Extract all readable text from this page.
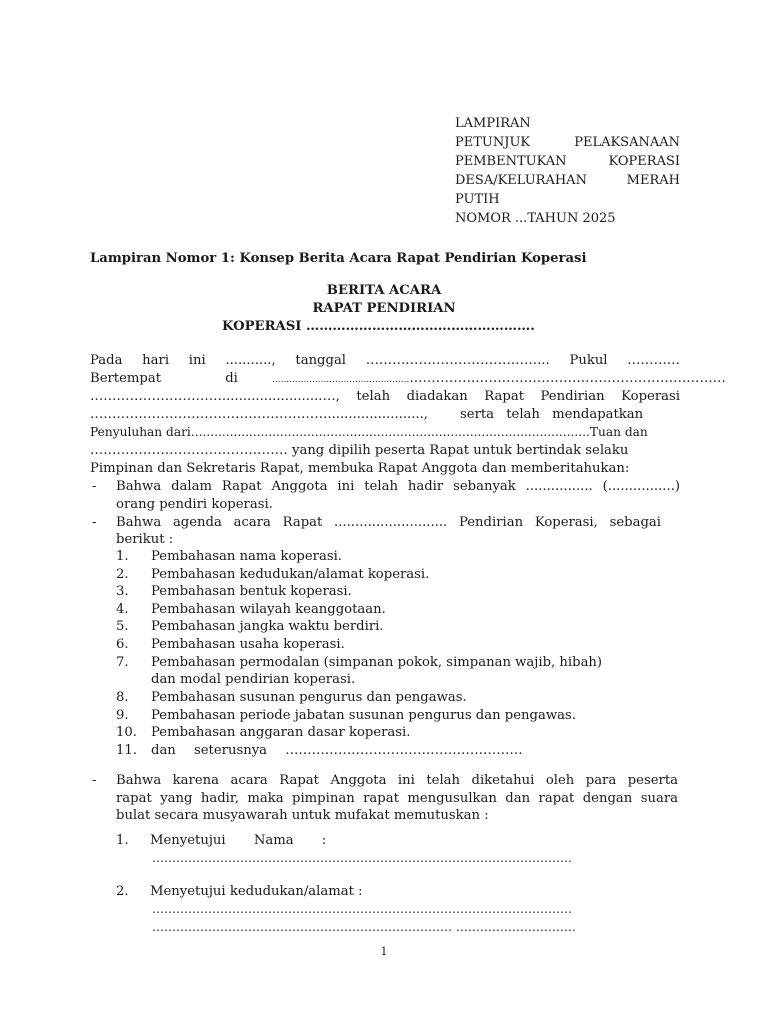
LAMPIRAN
PETUNJUK PELAKSANAAN
PEMBENTUKAN KOPERASI
DESA/KELURAHAN MERAH
PUTIH
NOMOR ...TAHUN 2025
Lampiran Nomor 1: Konsep Berita Acara Rapat Pendirian Koperasi
BERITA ACARA
RAPAT PENDIRIAN
KOPERASI …………………………………………….
Pada hari ini ..........., tanggal …………………………………... Pukul …………
Bertempat di	................................................………………………………………………………………
…………………………........................…, telah diadakan Rapat Pendirian Koperasi
………………………………………………......................., serta telah mendapatkan
Penyuluhan dari.......................................................................................................Tuan dan
……………………………………… yang dipilih peserta Rapat untuk bertindak selaku
Pimpinan dan Sekretaris Rapat, membuka Rapat Anggota dan memberitahukan:
- Bahwa dalam Rapat Anggota ini telah hadir sebanyak ................ (................)
orang pendiri koperasi.
- Bahwa agenda acara Rapat ........................... Pendirian Koperasi, sebagai
berikut :
1. Pembahasan nama koperasi.
2. Pembahasan kedudukan/alamat koperasi.
3. Pembahasan bentuk koperasi.
4. Pembahasan wilayah keanggotaan.
5. Pembahasan jangka waktu berdiri.
6. Pembahasan usaha koperasi.
7. Pembahasan permodalan (simpanan pokok, simpanan wajib, hibah)
dan modal pendirian koperasi.
8. Pembahasan susunan pengurus dan pengawas.
9. Pembahasan periode jabatan susunan pengurus dan pengawas.
10. Pembahasan anggaran dasar koperasi.
11. dan seterusnya ………………………………………………
- Bahwa karena acara Rapat Anggota ini telah diketahui oleh para peserta
rapat yang hadir, maka pimpinan rapat mengusulkan dan rapat dengan suara
bulat secara musyawarah untuk mufakat memutuskan :
1. Menyetujui Nama :
……………………………………………………………………………………………
2. Menyetujui kedudukan/alamat :
……………………………………………………………………………………………
………………………………………………………………… …………………………
1
